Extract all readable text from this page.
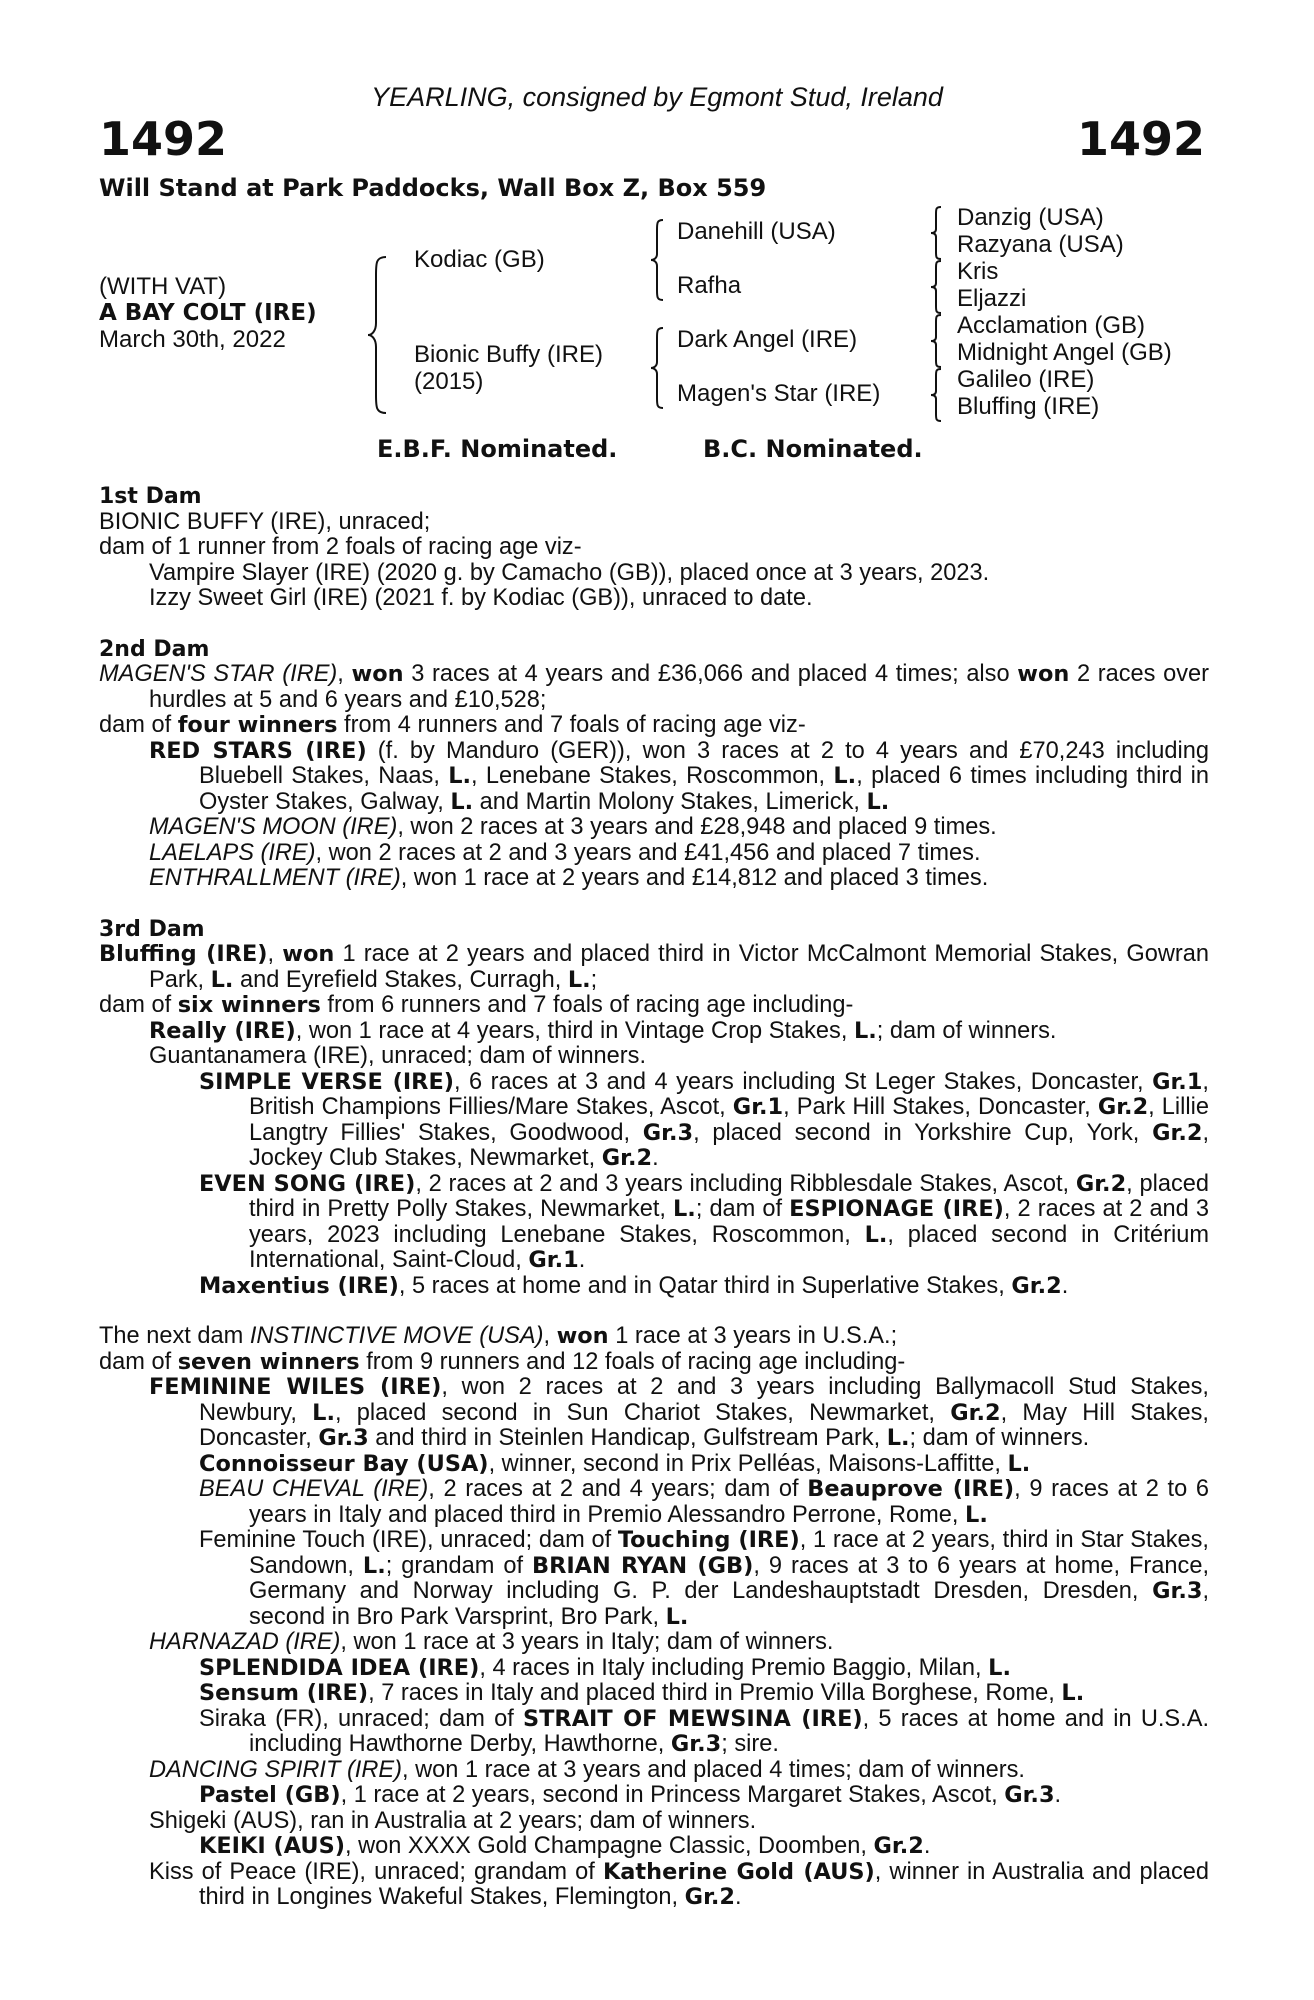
YEARLING, consigned by Egmont Stud, Ireland
1492	1492
Will Stand at Park Paddocks, Wall Box Z, Box 559
(WITH VAT)
A BAY COLT (IRE)
March 30th, 2022
Kodiac (GB)
Bionic Buffy (IRE)
(2015)
Danehill (USA)
Rafha
Dark Angel (IRE)
Magen's Star (IRE)
Danzig (USA)
Razyana (USA)
Kris
Eljazzi
Acclamation (GB)
Midnight Angel (GB)
Galileo (IRE)
Bluffing (IRE)
E.B.F. Nominated.	B.C. Nominated.

1st Dam

BIONIC BUFFY (IRE), unraced;

dam of 1 runner from 2 foals of racing age viz-

Vampire Slayer (IRE) (2020 g. by Camacho (GB)), placed once at 3 years, 2023.

Izzy Sweet Girl (IRE) (2021 f. by Kodiac (GB)), unraced to date.

2nd Dam

MAGEN'S STAR (IRE), won 3 races at 4 years and £36,066 and placed 4 times; also won 2 races over hurdles at 5 and 6 years and £10,528;

dam of four winners from 4 runners and 7 foals of racing age viz-

RED STARS (IRE) (f. by Manduro (GER)), won 3 races at 2 to 4 years and £70,243 including Bluebell Stakes, Naas, L., Lenebane Stakes, Roscommon, L., placed 6 times including third in Oyster Stakes, Galway, L. and Martin Molony Stakes, Limerick, L.

MAGEN'S MOON (IRE), won 2 races at 3 years and £28,948 and placed 9 times.

LAELAPS (IRE), won 2 races at 2 and 3 years and £41,456 and placed 7 times.

ENTHRALLMENT (IRE), won 1 race at 2 years and £14,812 and placed 3 times.

3rd Dam

Bluffing (IRE), won 1 race at 2 years and placed third in Victor McCalmont Memorial Stakes, Gowran Park, L. and Eyrefield Stakes, Curragh, L.;

dam of six winners from 6 runners and 7 foals of racing age including-

Really (IRE), won 1 race at 4 years, third in Vintage Crop Stakes, L.; dam of winners.

Guantanamera (IRE), unraced; dam of winners.

SIMPLE VERSE (IRE), 6 races at 3 and 4 years including St Leger Stakes, Doncaster, Gr.1, British Champions Fillies/Mare Stakes, Ascot, Gr.1, Park Hill Stakes, Doncaster, Gr.2, Lillie Langtry Fillies' Stakes, Goodwood, Gr.3, placed second in Yorkshire Cup, York, Gr.2, Jockey Club Stakes, Newmarket, Gr.2.

EVEN SONG (IRE), 2 races at 2 and 3 years including Ribblesdale Stakes, Ascot, Gr.2, placed third in Pretty Polly Stakes, Newmarket, L.; dam of ESPIONAGE (IRE), 2 races at 2 and 3 years, 2023 including Lenebane Stakes, Roscommon, L., placed second in Critérium International, Saint-Cloud, Gr.1.

Maxentius (IRE), 5 races at home and in Qatar third in Superlative Stakes, Gr.2.

The next dam INSTINCTIVE MOVE (USA), won 1 race at 3 years in U.S.A.;

dam of seven winners from 9 runners and 12 foals of racing age including-

FEMININE WILES (IRE), won 2 races at 2 and 3 years including Ballymacoll Stud Stakes, Newbury, L., placed second in Sun Chariot Stakes, Newmarket, Gr.2, May Hill Stakes, Doncaster, Gr.3 and third in Steinlen Handicap, Gulfstream Park, L.; dam of winners.

Connoisseur Bay (USA), winner, second in Prix Pelléas, Maisons-Laffitte, L.

BEAU CHEVAL (IRE), 2 races at 2 and 4 years; dam of Beauprove (IRE), 9 races at 2 to 6 years in Italy and placed third in Premio Alessandro Perrone, Rome, L.

Feminine Touch (IRE), unraced; dam of Touching (IRE), 1 race at 2 years, third in Star Stakes, Sandown, L.; grandam of BRIAN RYAN (GB), 9 races at 3 to 6 years at home, France, Germany and Norway including G. P. der Landeshauptstadt Dresden, Dresden, Gr.3, second in Bro Park Varsprint, Bro Park, L.

HARNAZAD (IRE), won 1 race at 3 years in Italy; dam of winners.

SPLENDIDA IDEA (IRE), 4 races in Italy including Premio Baggio, Milan, L.

Sensum (IRE), 7 races in Italy and placed third in Premio Villa Borghese, Rome, L.

Siraka (FR), unraced; dam of STRAIT OF MEWSINA (IRE), 5 races at home and in U.S.A. including Hawthorne Derby, Hawthorne, Gr.3; sire.

DANCING SPIRIT (IRE), won 1 race at 3 years and placed 4 times; dam of winners.

Pastel (GB), 1 race at 2 years, second in Princess Margaret Stakes, Ascot, Gr.3.

Shigeki (AUS), ran in Australia at 2 years; dam of winners.

KEIKI (AUS), won XXXX Gold Champagne Classic, Doomben, Gr.2.

Kiss of Peace (IRE), unraced; grandam of Katherine Gold (AUS), winner in Australia and placed third in Longines Wakeful Stakes, Flemington, Gr.2.
